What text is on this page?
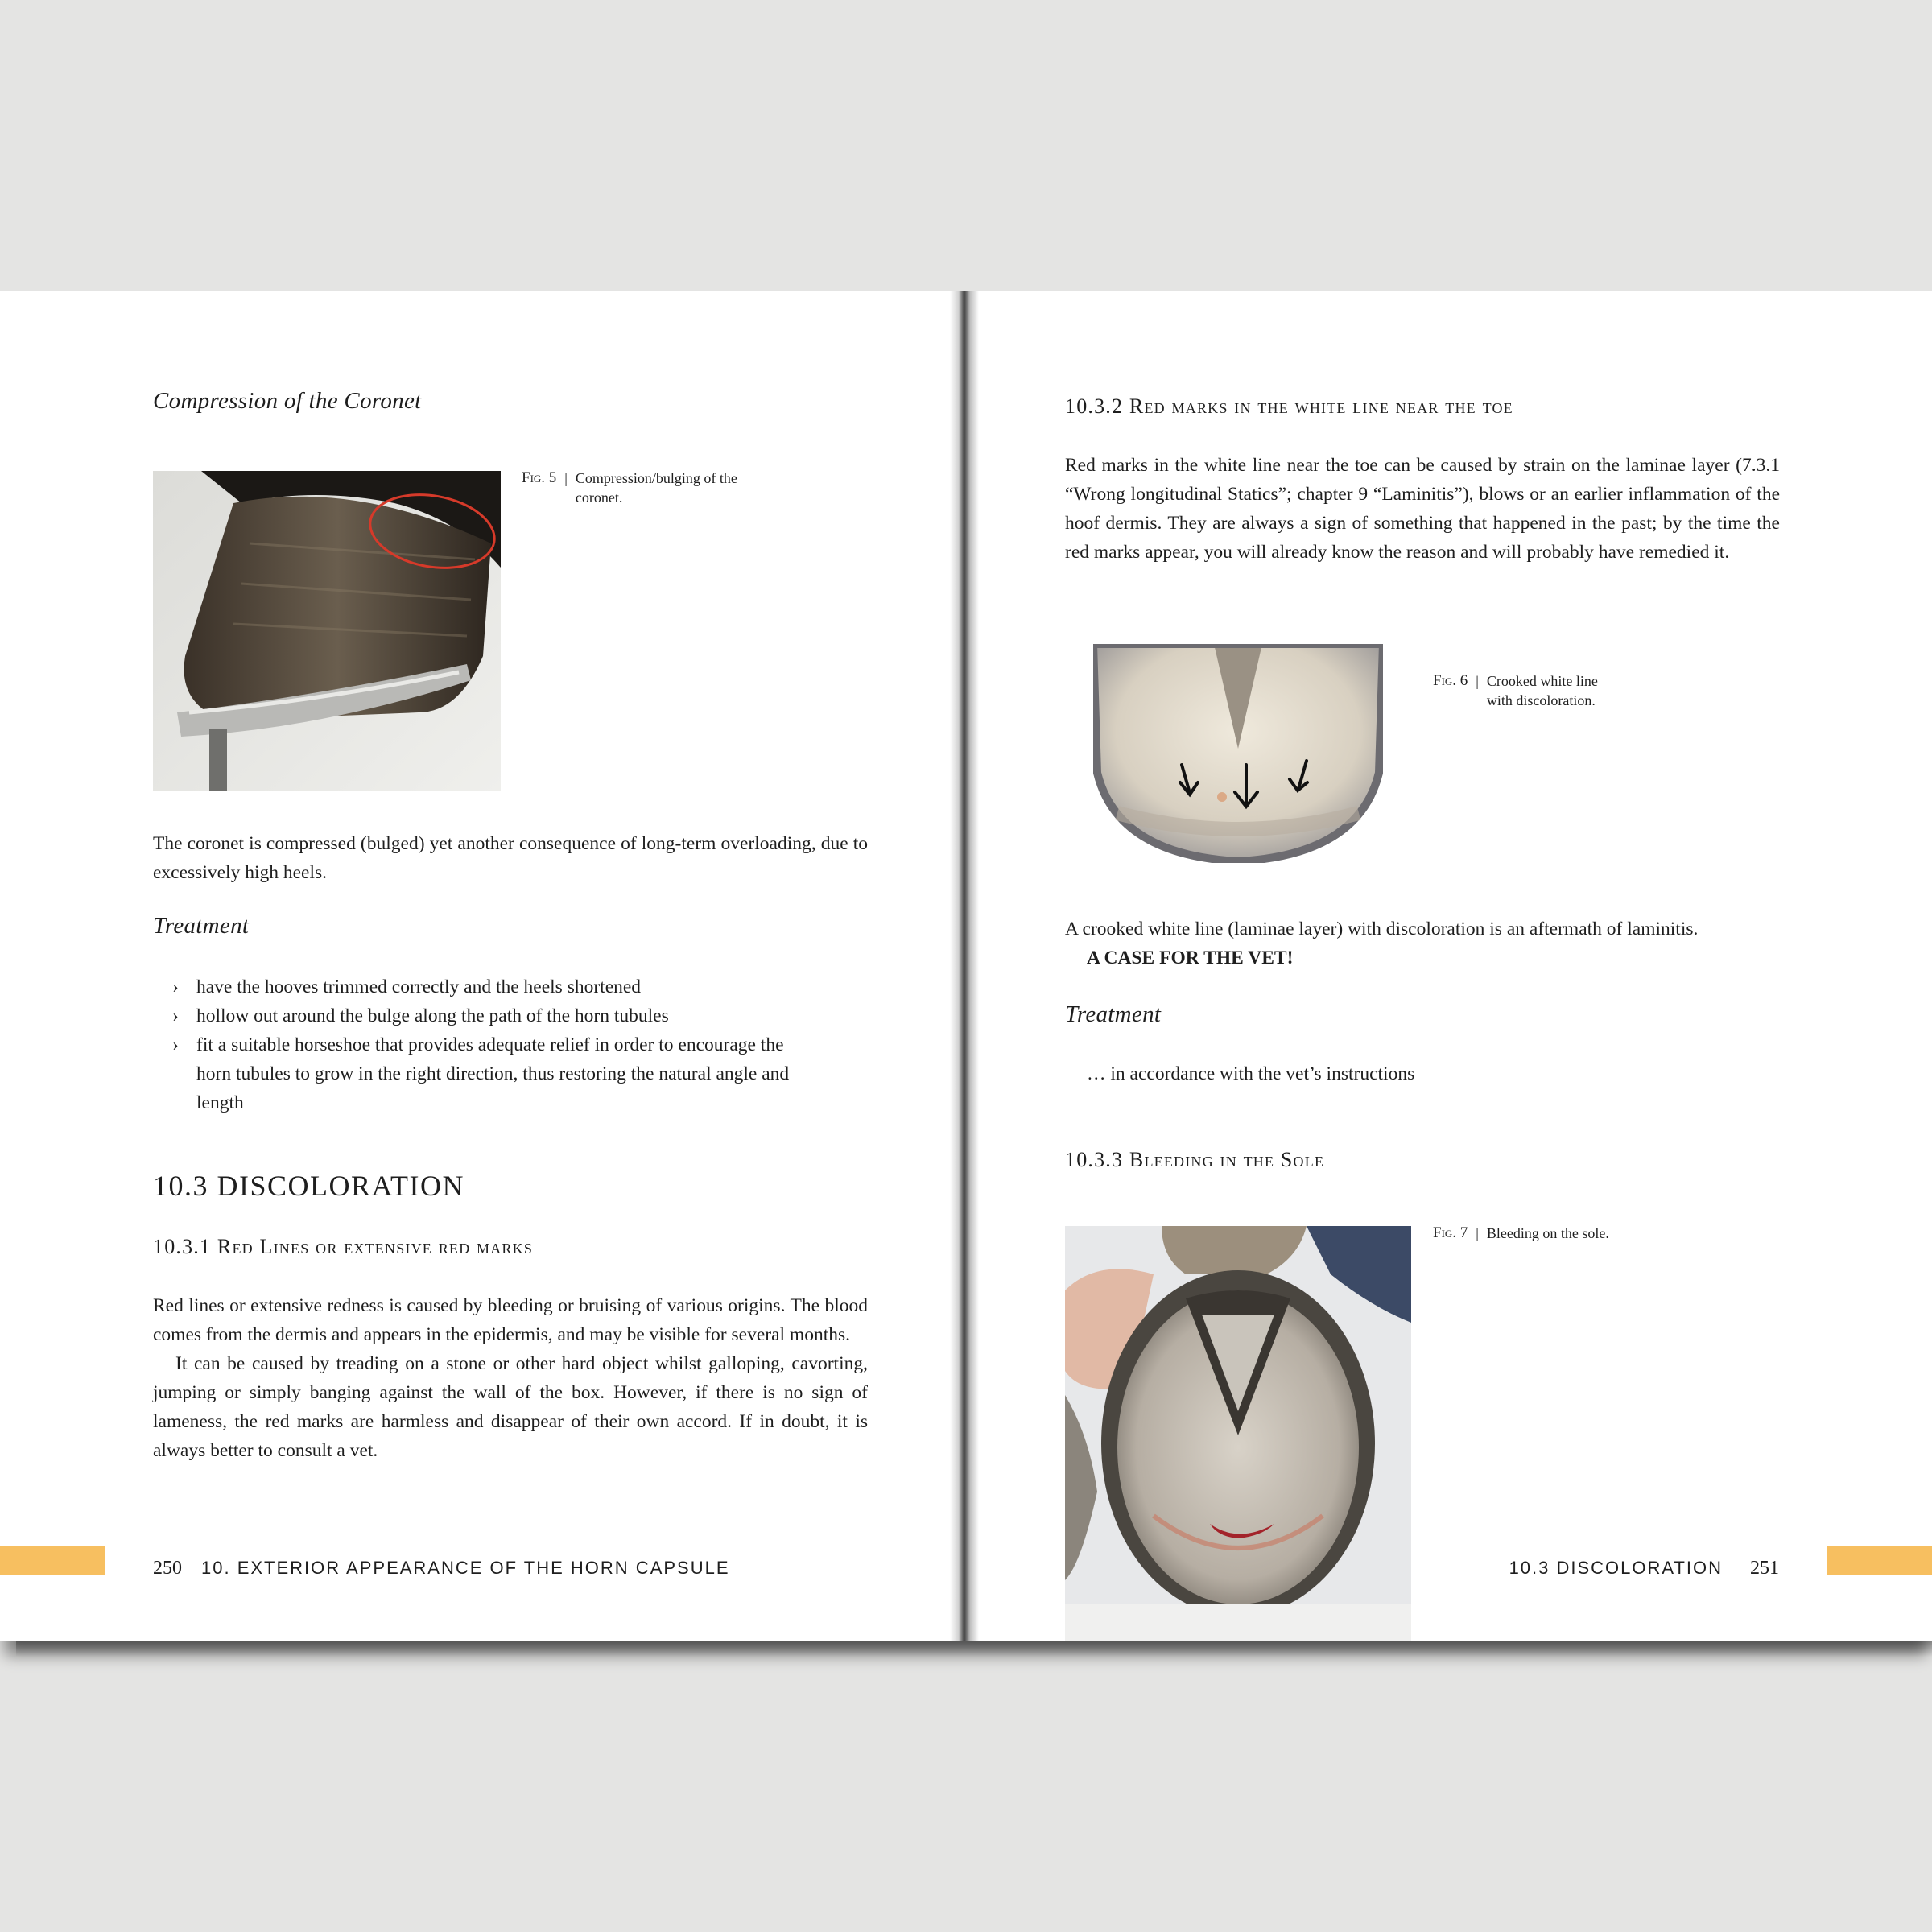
Compression of the Coronet
Fig. 5 | Compression/bulging of the coronet.

The coronet is compressed (bulged) yet another consequence of long-term overloading, due to excessively high heels.

Treatment
› have the hooves trimmed correctly and the heels shortened
› hollow out around the bulge along the path of the horn tubules
› fit a suitable horseshoe that provides adequate relief in order to encourage the horn tubules to grow in the right direction, thus restoring the natural angle and length
10.3 DISCOLORATION
10.3.1 Red Lines or extensive red marks

Red lines or extensive redness is caused by bleeding or bruising of various origins. The blood comes from the dermis and appears in the epidermis, and may be visible for several months.

It can be caused by treading on a stone or other hard object whilst galloping, cavorting, jumping or simply banging against the wall of the box. However, if there is no sign of lameness, the red marks are harmless and disappear of their own accord. If in doubt, it is always better to consult a vet.

250 10. EXTERIOR APPEARANCE OF THE HORN CAPSULE
10.3.2 Red marks in the white line near the toe

Red marks in the white line near the toe can be caused by strain on the laminae layer (7.3.1 “Wrong longitudinal Statics”; chapter 9 “Laminitis”), blows or an earlier inflammation of the hoof dermis. They are always a sign of something that happened in the past; by the time the red marks appear, you will already know the reason and will probably have remedied it.

Fig. 6 | Crooked white line with discoloration.

A crooked white line (laminae layer) with discoloration is an aftermath of laminitis.

A CASE FOR THE VET!

Treatment
… in accordance with the vet’s instructions
10.3.3 Bleeding in the Sole
Fig. 7 | Bleeding on the sole.
10.3 DISCOLORATION 251
